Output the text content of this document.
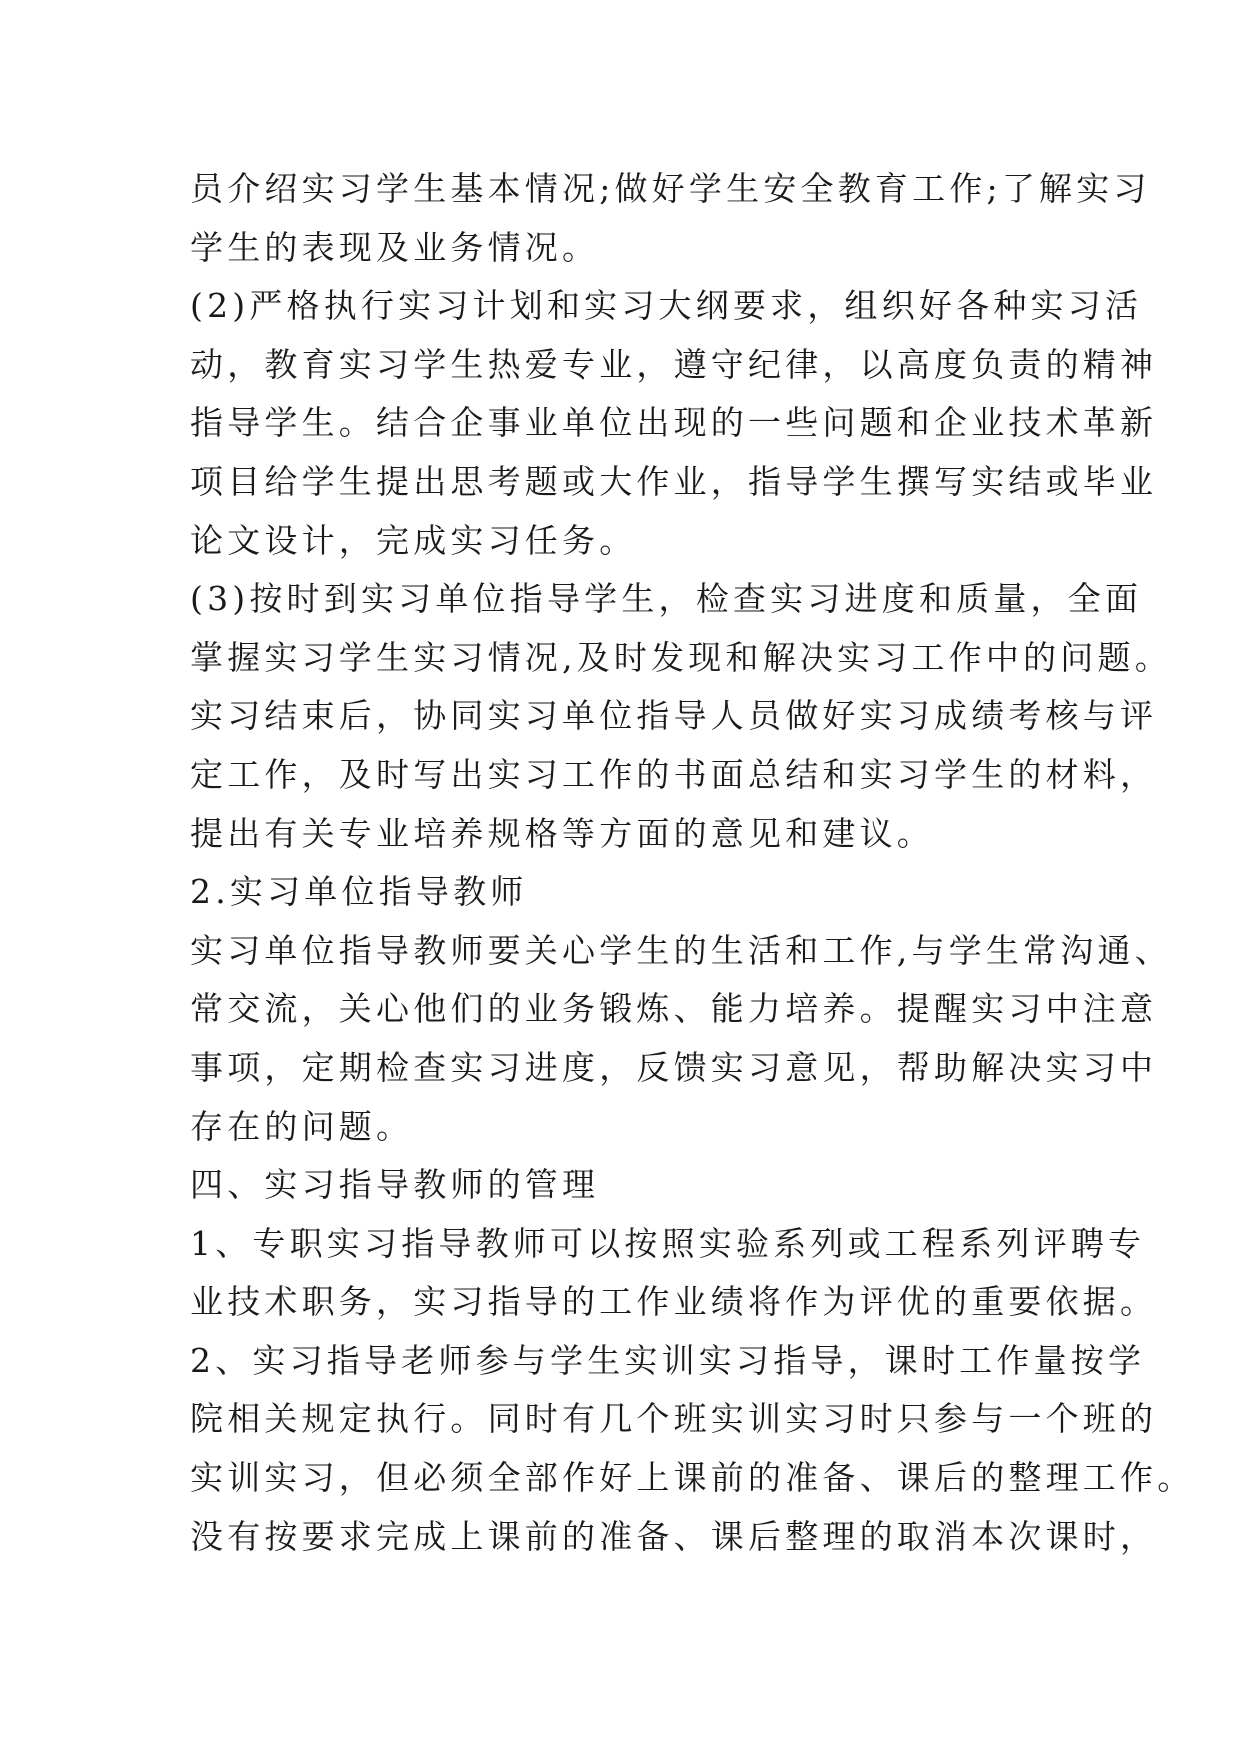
员介绍实习学生基本情况;做好学生安全教育工作;了解实习
学生的表现及业务情况。
(2)严格执行实习计划和实习大纲要求，组织好各种实习活
动，教育实习学生热爱专业，遵守纪律，以高度负责的精神
指导学生。结合企事业单位出现的一些问题和企业技术革新
项目给学生提出思考题或大作业，指导学生撰写实结或毕业
论文设计，完成实习任务。
(3)按时到实习单位指导学生，检查实习进度和质量，全面
掌握实习学生实习情况,及时发现和解决实习工作中的问题。
实习结束后，协同实习单位指导人员做好实习成绩考核与评
定工作，及时写出实习工作的书面总结和实习学生的材料，
提出有关专业培养规格等方面的意见和建议。
2.实习单位指导教师
实习单位指导教师要关心学生的生活和工作,与学生常沟通、
常交流，关心他们的业务锻炼、能力培养。提醒实习中注意
事项，定期检查实习进度，反馈实习意见，帮助解决实习中
存在的问题。
四、实习指导教师的管理
1、专职实习指导教师可以按照实验系列或工程系列评聘专
业技术职务，实习指导的工作业绩将作为评优的重要依据。
2、实习指导老师参与学生实训实习指导，课时工作量按学
院相关规定执行。同时有几个班实训实习时只参与一个班的
实训实习，但必须全部作好上课前的准备、课后的整理工作。
没有按要求完成上课前的准备、课后整理的取消本次课时，
